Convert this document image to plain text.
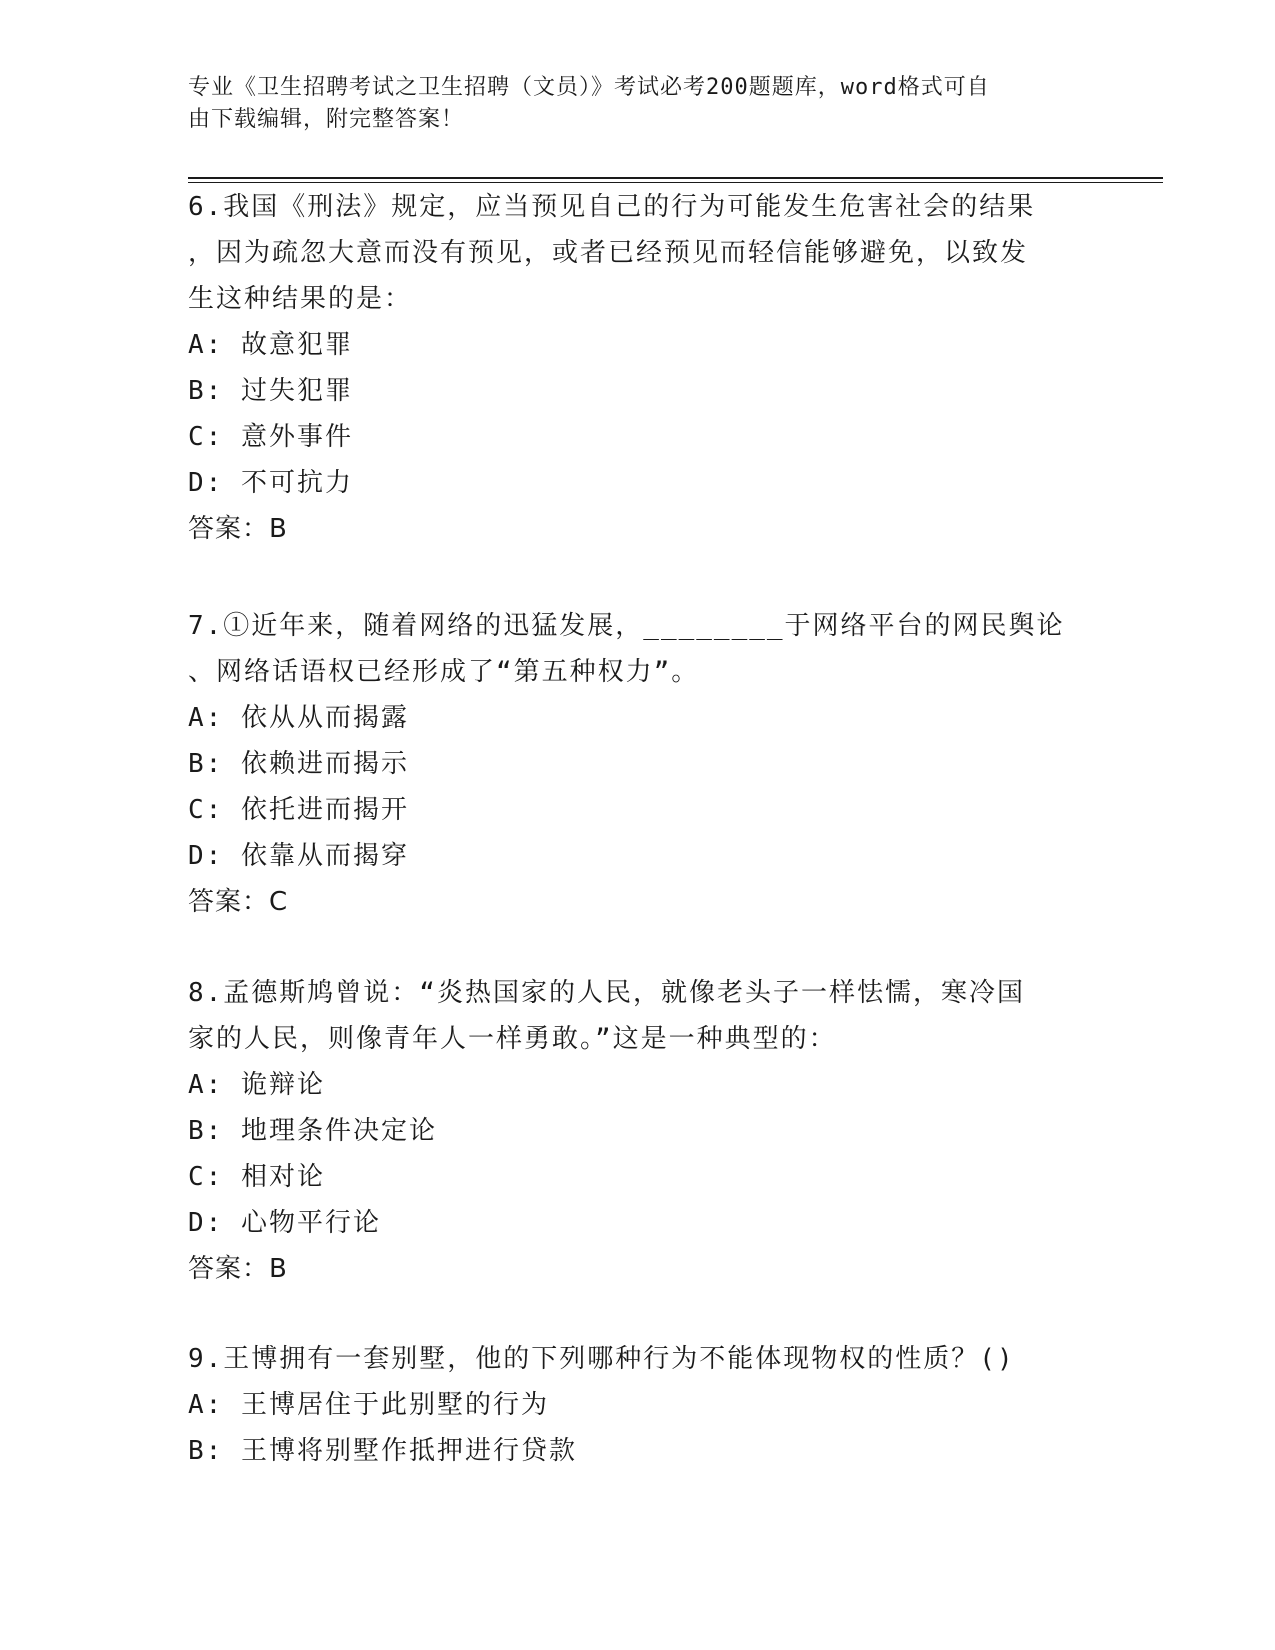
专业《卫生招聘考试之卫生招聘（文员）》考试必考200题题库，word格式可自
由下载编辑，附完整答案！
6.我国《刑法》规定，应当预见自己的行为可能发生危害社会的结果
，因为疏忽大意而没有预见，或者已经预见而轻信能够避免，以致发
生这种结果的是：
A: 故意犯罪
B: 过失犯罪
C: 意外事件
D: 不可抗力
答案：B
7.①近年来，随着网络的迅猛发展，________于网络平台的网民舆论
、网络话语权已经形成了“第五种权力”。
A: 依从从而揭露
B: 依赖进而揭示
C: 依托进而揭开
D: 依靠从而揭穿
答案：C
8.孟德斯鸠曾说：“炎热国家的人民，就像老头子一样怯懦，寒冷国
家的人民，则像青年人一样勇敢。”这是一种典型的：
A: 诡辩论
B: 地理条件决定论
C: 相对论
D: 心物平行论
答案：B
9.王博拥有一套别墅，他的下列哪种行为不能体现物权的性质？()
A: 王博居住于此别墅的行为
B: 王博将别墅作抵押进行贷款
